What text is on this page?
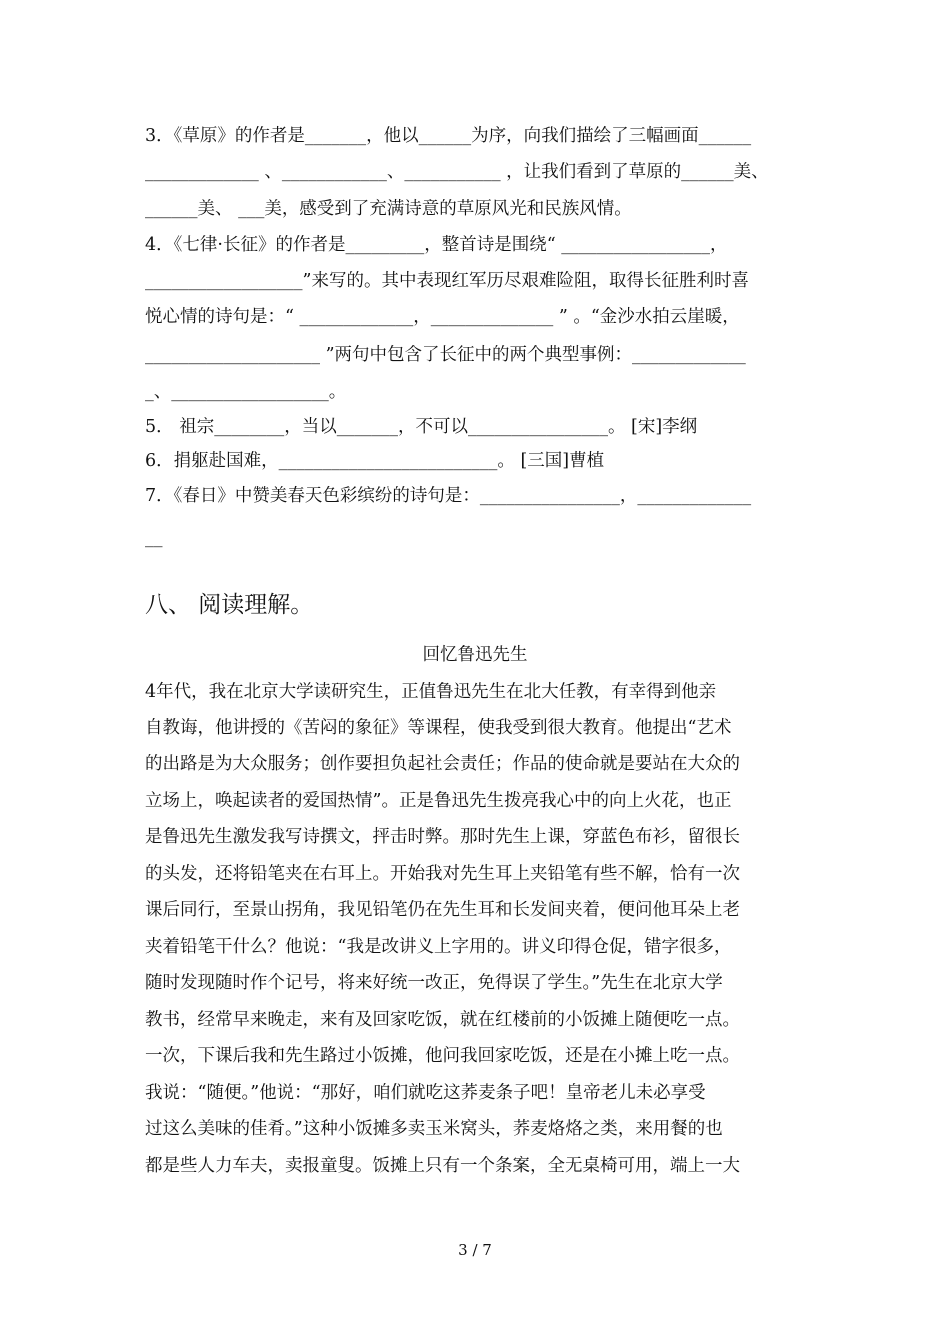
3．《草原》的作者是_______，他以______为序，向我们描绘了三幅画面______
_____________ 、____________、___________ ，让我们看到了草原的______美、
______美、 ___美，感受到了充满诗意的草原风光和民族风情。
4．《七律·长征》的作者是_________，整首诗是围绕“ _________________，
__________________”来写的。其中表现红军历尽艰难险阻，取得长征胜利时喜
悦心情的诗句是：“ _____________，______________ ” 。“金沙水拍云崖暖，
____________________ ”两句中包含了长征中的两个典型事例：_____________
_、__________________。
5． 祖宗________，当以_______，不可以________________。 [宋]李纲
6．捐躯赴国难，_________________________。 [三国]曹植
7．《春日》中赞美春天色彩缤纷的诗句是：________________，_____________
__
八、 阅读理解。
回忆鲁迅先生
4年代，我在北京大学读研究生，正值鲁迅先生在北大任教，有幸得到他亲
自教诲，他讲授的《苦闷的象征》等课程，使我受到很大教育。他提出“艺术
的出路是为大众服务；创作要担负起社会责任；作品的使命就是要站在大众的
立场上，唤起读者的爱国热情”。正是鲁迅先生拨亮我心中的向上火花，也正
是鲁迅先生激发我写诗撰文，抨击时弊。那时先生上课，穿蓝色布衫，留很长
的头发，还将铅笔夹在右耳上。开始我对先生耳上夹铅笔有些不解，恰有一次
课后同行，至景山拐角，我见铅笔仍在先生耳和长发间夹着，便问他耳朵上老
夹着铅笔干什么？他说：“我是改讲义上字用的。讲义印得仓促，错字很多，
随时发现随时作个记号，将来好统一改正，免得误了学生。”先生在北京大学
教书，经常早来晚走，来有及回家吃饭，就在红楼前的小饭摊上随便吃一点。
一次，下课后我和先生路过小饭摊，他问我回家吃饭，还是在小摊上吃一点。
我说：“随便。”他说：“那好，咱们就吃这荞麦条子吧！皇帝老儿未必享受
过这么美味的佳肴。”这种小饭摊多卖玉米窝头，荞麦烙烙之类，来用餐的也
都是些人力车夫，卖报童叟。饭摊上只有一个条案，全无桌椅可用，端上一大
3 / 7
